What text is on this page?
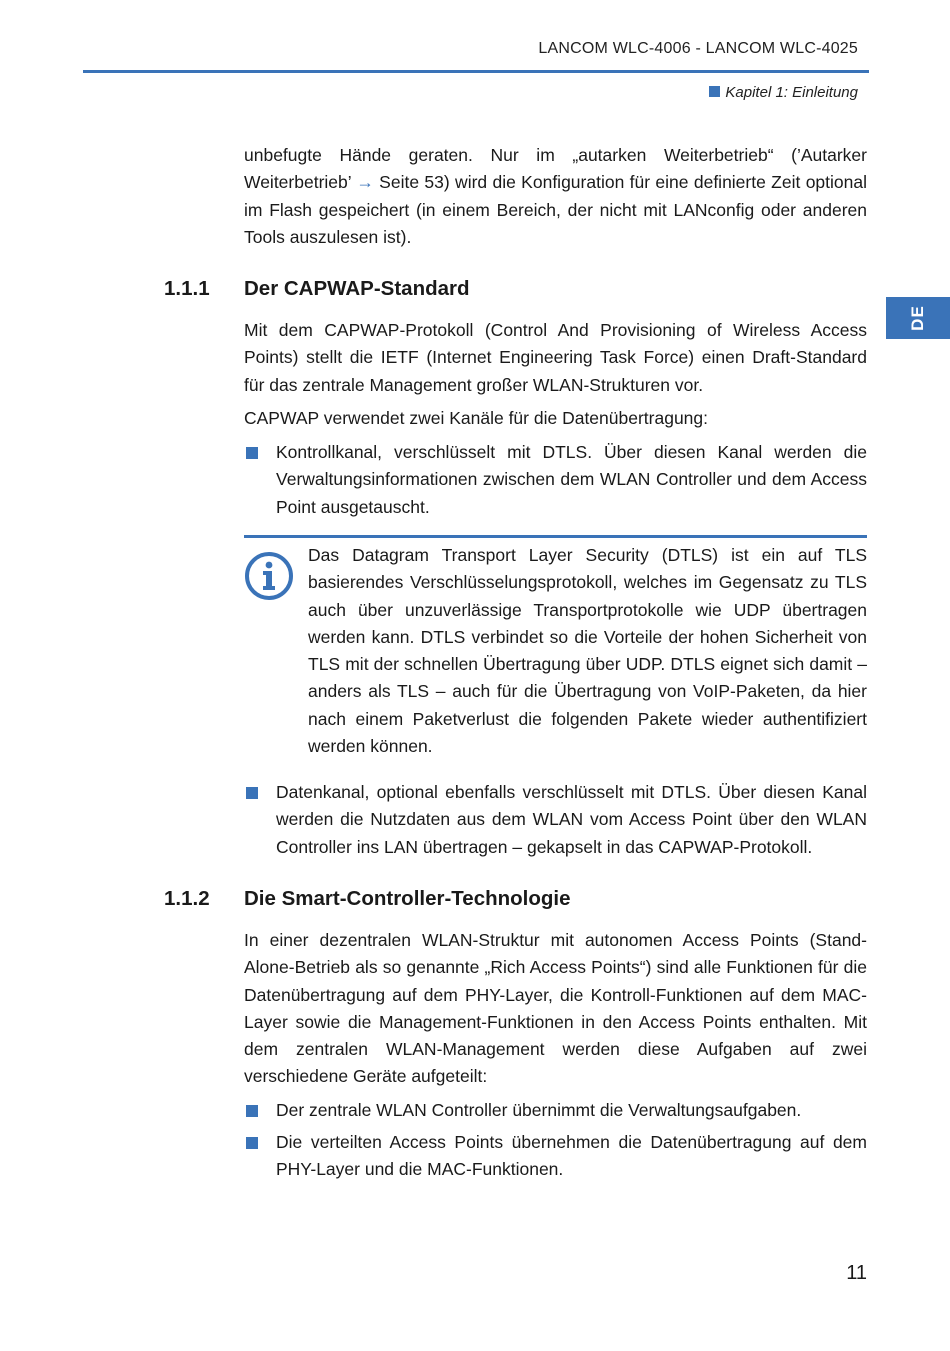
LANCOM WLC-4006 - LANCOM WLC-4025
Kapitel 1: Einleitung
DE

unbefugte Hände geraten. Nur im „autarken Weiterbetrieb“ (’Autarker Weiterbetrieb’ → Seite 53) wird die Konfiguration für eine definierte Zeit optional im Flash gespeichert (in einem Bereich, der nicht mit LANconfig oder anderen Tools auszulesen ist).

1.1.1 Der CAPWAP-Standard

Mit dem CAPWAP-Protokoll (Control And Provisioning of Wireless Access Points) stellt die IETF (Internet Engineering Task Force) einen Draft-Standard für das zentrale Management großer WLAN-Strukturen vor.

CAPWAP verwendet zwei Kanäle für die Datenübertragung:

Kontrollkanal, verschlüsselt mit DTLS. Über diesen Kanal werden die Verwaltungsinformationen zwischen dem WLAN Controller und dem Access Point ausgetauscht.

Das Datagram Transport Layer Security (DTLS) ist ein auf TLS basierendes Verschlüsselungsprotokoll, welches im Gegensatz zu TLS auch über unzuverlässige Transportprotokolle wie UDP übertragen werden kann. DTLS verbindet so die Vorteile der hohen Sicherheit von TLS mit der schnellen Übertragung über UDP. DTLS eignet sich damit – anders als TLS – auch für die Übertragung von VoIP-Paketen, da hier nach einem Paketverlust die folgenden Pakete wieder authentifiziert werden können.

Datenkanal, optional ebenfalls verschlüsselt mit DTLS. Über diesen Kanal werden die Nutzdaten aus dem WLAN vom Access Point über den WLAN Controller ins LAN übertragen – gekapselt in das CAPWAP-Protokoll.

1.1.2 Die Smart-Controller-Technologie

In einer dezentralen WLAN-Struktur mit autonomen Access Points (Stand-Alone-Betrieb als so genannte „Rich Access Points“) sind alle Funktionen für die Datenübertragung auf dem PHY-Layer, die Kontroll-Funktionen auf dem MAC-Layer sowie die Management-Funktionen in den Access Points enthalten. Mit dem zentralen WLAN-Management werden diese Aufgaben auf zwei verschiedene Geräte aufgeteilt:

Der zentrale WLAN Controller übernimmt die Verwaltungsaufgaben.

Die verteilten Access Points übernehmen die Datenübertragung auf dem PHY-Layer und die MAC-Funktionen.

11
